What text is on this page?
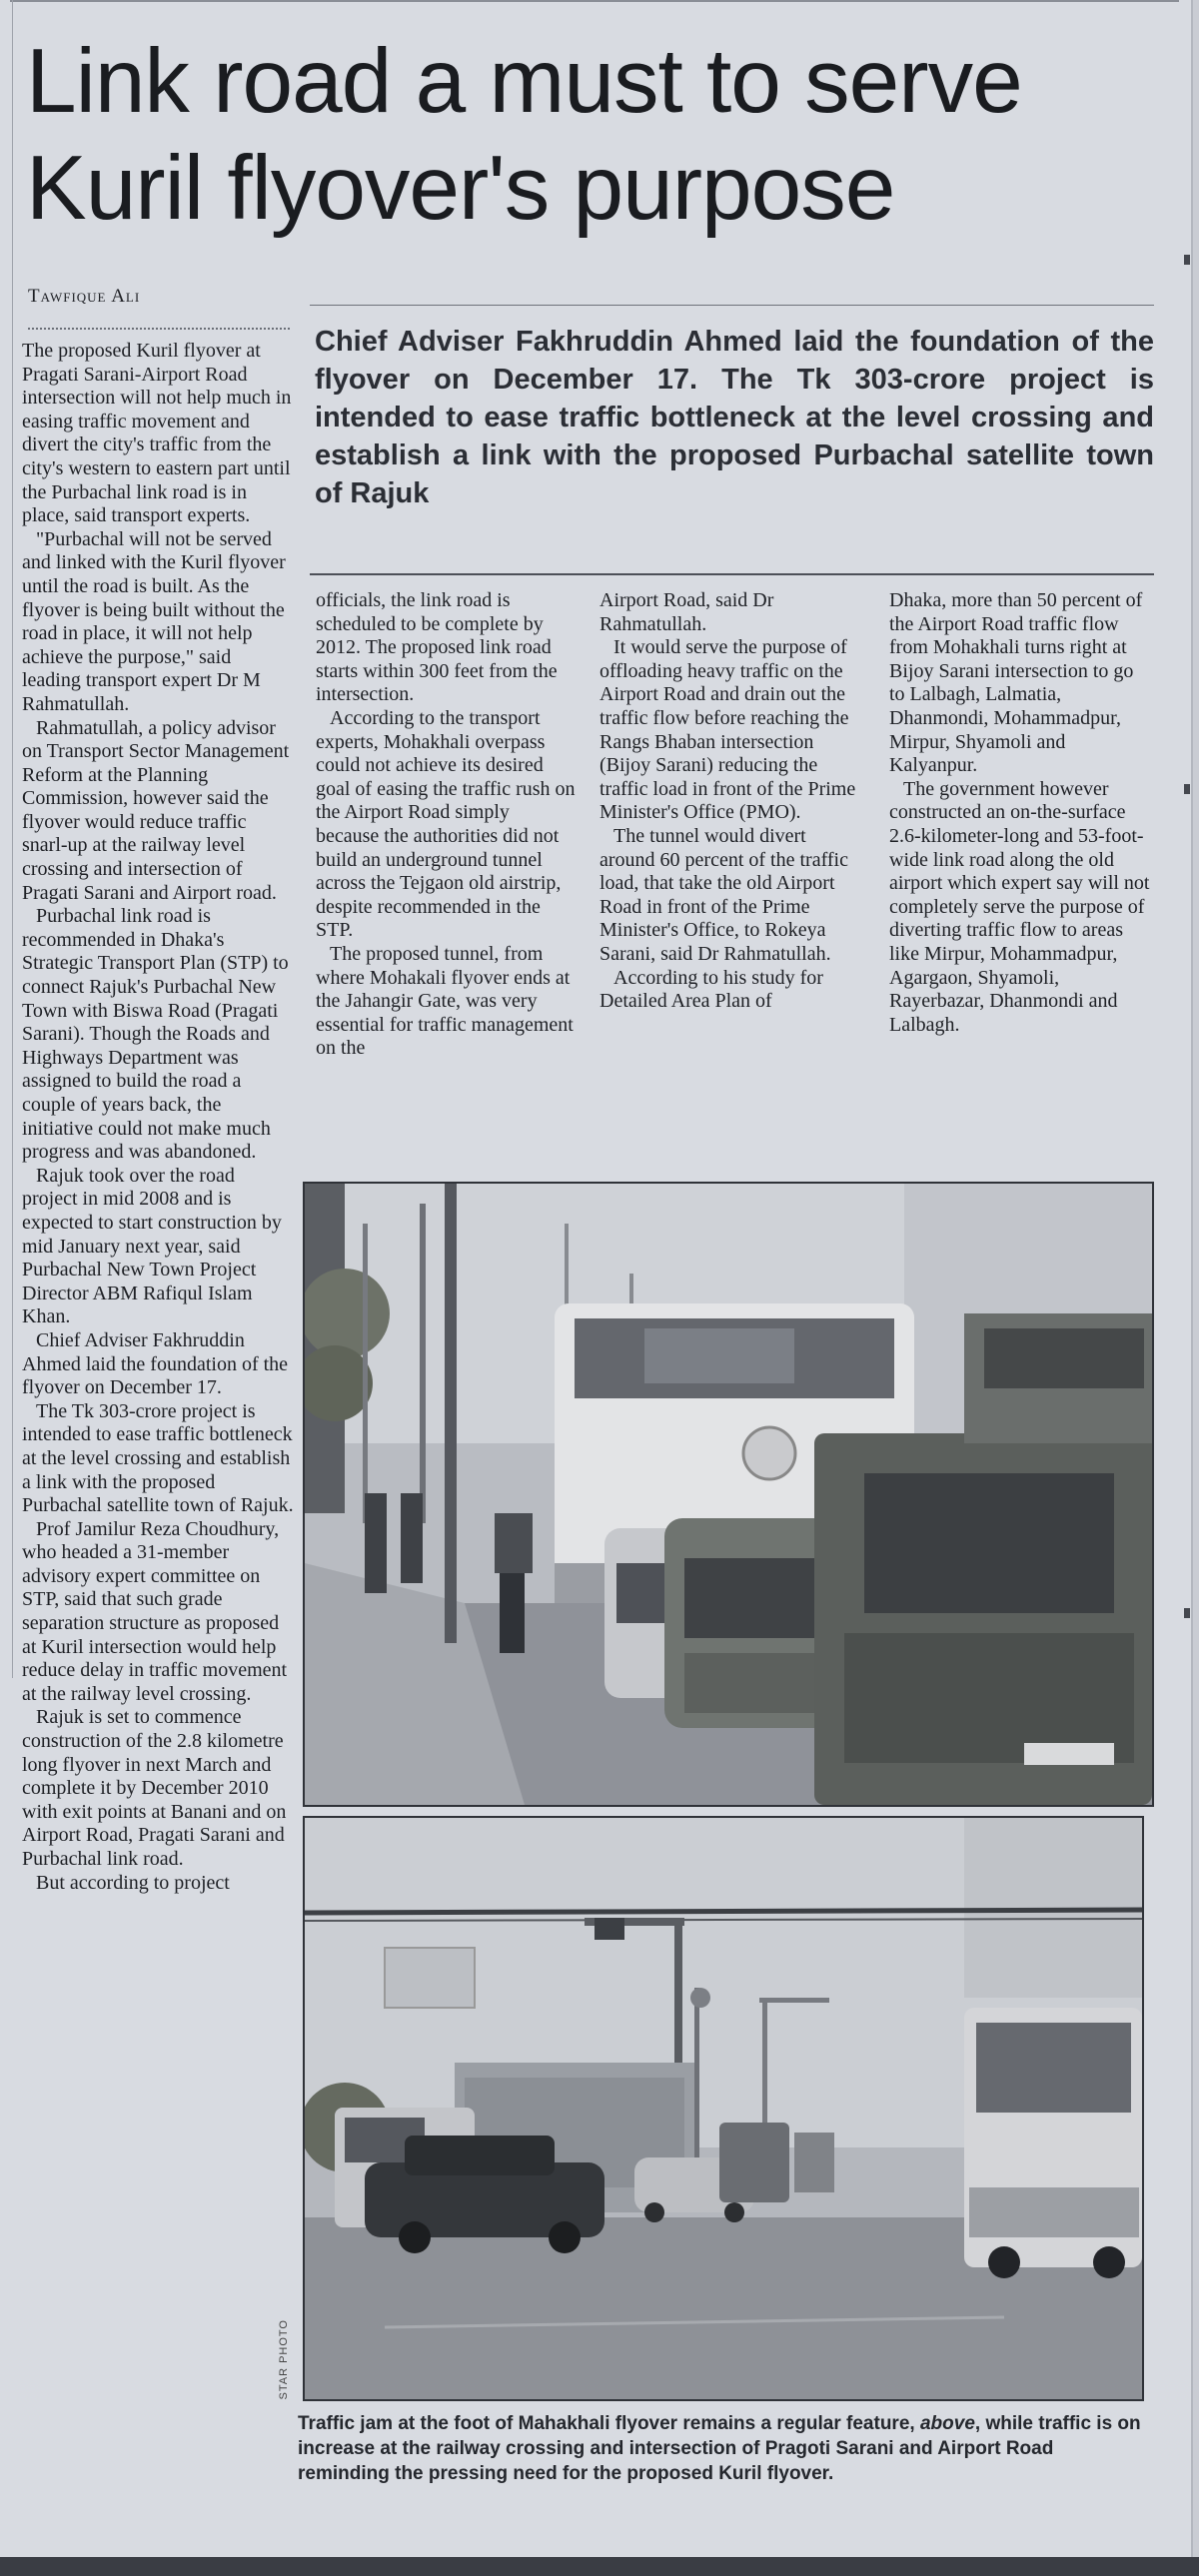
Link road a must to serve
Kuril flyover's purpose
Tawfique Ali

Chief Adviser Fakhruddin Ahmed laid the foundation of the flyover on December 17. The Tk 303-crore project is intended to ease traffic bottleneck at the level crossing and establish a link with the proposed Purbachal satellite town of Rajuk

The proposed Kuril flyover at Pragati Sarani-Airport Road intersection will not help much in easing traffic movement and divert the city's traffic from the city's western to eastern part until the Purbachal link road is in place, said transport experts.

"Purbachal will not be served and linked with the Kuril flyover until the road is built. As the flyover is being built without the road in place, it will not help achieve the purpose," said leading transport expert Dr M Rahmatullah.

Rahmatullah, a policy advisor on Transport Sector Management Reform at the Planning Commission, however said the flyover would reduce traffic snarl-up at the railway level crossing and intersection of Pragati Sarani and Airport road.

Purbachal link road is recommended in Dhaka's Strategic Transport Plan (STP) to connect Rajuk's Purbachal New Town with Biswa Road (Pragati Sarani). Though the Roads and Highways Department was assigned to build the road a couple of years back, the initiative could not make much progress and was abandoned.

Rajuk took over the road project in mid 2008 and is expected to start construction by mid January next year, said Purbachal New Town Project Director ABM Rafiqul Islam Khan.

Chief Adviser Fakhruddin Ahmed laid the foundation of the flyover on December 17.

The Tk 303-crore project is intended to ease traffic bottleneck at the level crossing and establish a link with the proposed Purbachal satellite town of Rajuk.

Prof Jamilur Reza Choudhury, who headed a 31-member advisory expert committee on STP, said that such grade separation structure as proposed at Kuril intersection would help reduce delay in traffic movement at the railway level crossing.

Rajuk is set to commence construction of the 2.8 kilometre long flyover in next March and complete it by December 2010 with exit points at Banani and on Airport Road, Pragati Sarani and Purbachal link road.

But according to project

officials, the link road is scheduled to be complete by 2012. The proposed link road starts within 300 feet from the intersection.

According to the transport experts, Mohakhali overpass could not achieve its desired goal of easing the traffic rush on the Airport Road simply because the authorities did not build an underground tunnel across the Tejgaon old airstrip, despite recommended in the STP.

The proposed tunnel, from where Mohakali flyover ends at the Jahangir Gate, was very essential for traffic management on the

Airport Road, said Dr Rahmatullah.

It would serve the purpose of offloading heavy traffic on the Airport Road and drain out the traffic flow before reaching the Rangs Bhaban intersection (Bijoy Sarani) reducing the traffic load in front of the Prime Minister's Office (PMO).

The tunnel would divert around 60 percent of the traffic load, that take the old Airport Road in front of the Prime Minister's Office, to Rokeya Sarani, said Dr Rahmatullah.

According to his study for Detailed Area Plan of

Dhaka, more than 50 percent of the Airport Road traffic flow from Mohakhali turns right at Bijoy Sarani intersection to go to Lalbagh, Lalmatia, Dhanmondi, Mohammadpur, Mirpur, Shyamoli and Kalyanpur.

The government however constructed an on-the-surface 2.6-kilometer-long and 53-foot-wide link road along the old airport which expert say will not completely serve the purpose of diverting traffic flow to areas like Mirpur, Mohammadpur, Agargaon, Shyamoli, Rayerbazar, Dhanmondi and Lalbagh.

STAR PHOTO

Traffic jam at the foot of Mahakhali flyover remains a regular feature, above, while traffic is on increase at the railway crossing and intersection of Pragoti Sarani and Airport Road reminding the pressing need for the proposed Kuril flyover.
